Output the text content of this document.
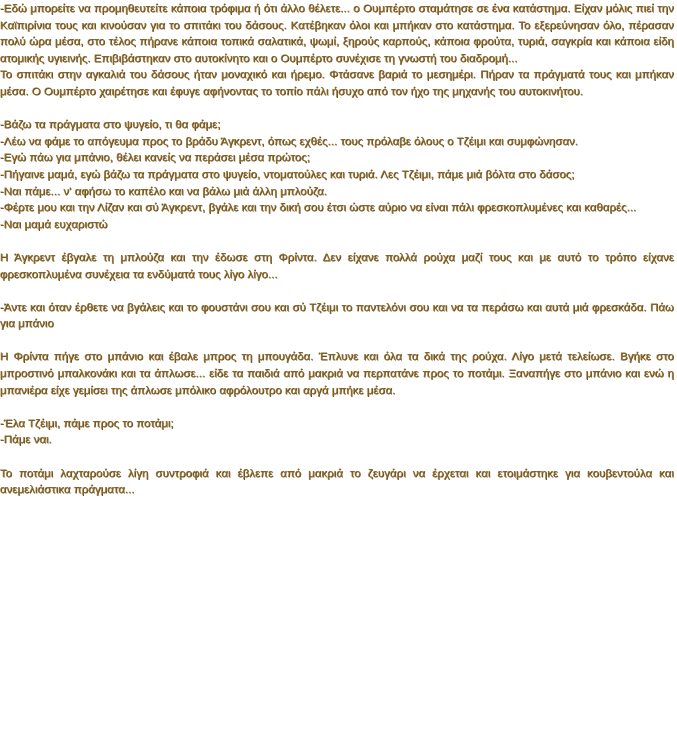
-Εδώ μπορείτε να προμηθευτείτε κάποια τρόφιμα ή ότι άλλο θέλετε... ο Ουμπέρτο σταμάτησε σε ένα κατάστημα. Είχαν μόλις πιεί την Καϊπιρίνια τους και κινούσαν για το σπιτάκι του δάσους. Κατέβηκαν όλοι και μπήκαν στο κατάστημα. Το εξερεύνησαν όλο, πέρασαν πολύ ώρα μέσα, στο τέλος πήρανε κάποια τοπικά σαλατικά, ψωμί, ξηρούς καρπούς, κάποια φρούτα, τυριά, σαγκρία και κάποια είδη ατομικής υγιεινής. Επιβιβάστηκαν στο αυτοκίνητο και ο Ουμπέρτο συνέχισε τη γνωστή του διαδρομή...

Το σπιτάκι στην αγκαλιά του δάσους ήταν μοναχικό και ήρεμο. Φτάσανε βαριά το μεσημέρι. Πήραν τα πράγματά τους και μπήκαν μέσα. Ο Ουμπέρτο χαιρέτησε και έφυγε αφήνοντας το τοπίο πάλι ήσυχο από τον ήχο της μηχανής του αυτοκινήτου.

-Βάζω τα πράγματα στο ψυγείο, τι θα φάμε;

-Λέω να φάμε το απόγευμα προς το βράδυ Άγκρεντ, όπως εχθές... τους πρόλαβε όλους ο Τζέιμι και συμφώνησαν.

-Εγώ πάω για μπάνιο, θέλει κανείς να περάσει μέσα πρώτος;

-Πήγαινε μαμά, εγώ βάζω τα πράγματα στο ψυγείο, ντοματούλες και τυριά. Λες Τζέιμι, πάμε μιά βόλτα στο δάσος;

-Ναι πάμε... ν' αφήσω το καπέλο και να βάλω μιά άλλη μπλούζα.

-Φέρτε μου και την Λίζαν και σύ Άγκρεντ, βγάλε και την δική σου έτσι ώστε αύριο να είναι πάλι φρεσκοπλυμένες και καθαρές...

-Ναι μαμά ευχαριστώ

Η Άγκρεντ έβγαλε τη μπλούζα και την έδωσε στη Φρίντα. Δεν είχανε πολλά ρούχα μαζί τους και με αυτό το τρόπο είχανε φρεσκοπλυμένα συνέχεια τα ενδύματά τους λίγο λίγο...

-Άντε και όταν έρθετε να βγάλεις και το φουστάνι σου και σύ Τζέιμι το παντελόνι σου και να τα περάσω και αυτά μιά φρεσκάδα. Πάω για μπάνιο

Η Φρίντα πήγε στο μπάνιο και έβαλε μπρος τη μπουγάδα. Έπλυνε και όλα τα δικά της ρούχα. Λίγο μετά τελείωσε. Βγήκε στο μπροστινό μπαλκονάκι και τα άπλωσε... είδε τα παιδιά από μακριά να περπατάνε προς το ποτάμι. Ξαναπήγε στο μπάνιο και ενώ η μπανιέρα είχε γεμίσει της άπλωσε μπόλικο αφρόλουτρο και αργά μπήκε μέσα.

-Έλα Τζέιμι, πάμε προς το ποτάμι;

-Πάμε ναι.

Το ποτάμι λαχταρούσε λίγη συντροφιά και έβλεπε από μακριά το ζευγάρι να έρχεται και ετοιμάστηκε για κουβεντούλα και ανεμελιάστικα πράγματα...
